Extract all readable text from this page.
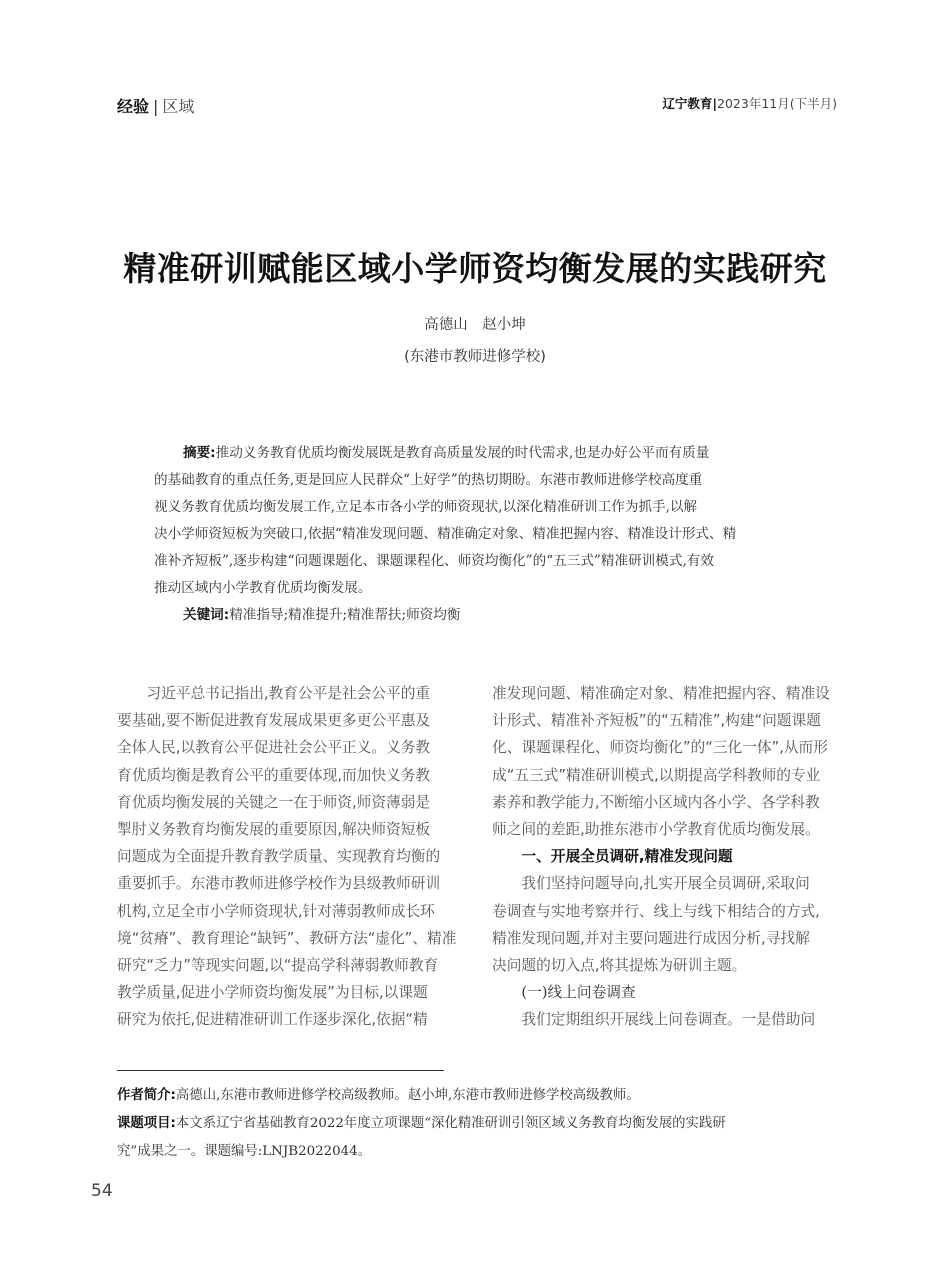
经验 | 区域	辽宁教育|2023年11月(下半月)
精准研训赋能区域小学师资均衡发展的实践研究
高德山　赵小坤
(东港市教师进修学校)
摘要:推动义务教育优质均衡发展既是教育高质量发展的时代需求,也是办好公平而有质量
的基础教育的重点任务,更是回应人民群众“上好学”的热切期盼。东港市教师进修学校高度重
视义务教育优质均衡发展工作,立足本市各小学的师资现状,以深化精准研训工作为抓手,以解
决小学师资短板为突破口,依据“精准发现问题、精准确定对象、精准把握内容、精准设计形式、精
准补齐短板”,逐步构建“问题课题化、课题课程化、师资均衡化”的“五三式”精准研训模式,有效
推动区域内小学教育优质均衡发展。
关键词:精准指导;精准提升;精准帮扶;师资均衡
　　习近平总书记指出,教育公平是社会公平的重
要基础,要不断促进教育发展成果更多更公平惠及
全体人民,以教育公平促进社会公平正义。义务教
育优质均衡是教育公平的重要体现,而加快义务教
育优质均衡发展的关键之一在于师资,师资薄弱是
掣肘义务教育均衡发展的重要原因,解决师资短板
问题成为全面提升教育教学质量、实现教育均衡的
重要抓手。东港市教师进修学校作为县级教师研训
机构,立足全市小学师资现状,针对薄弱教师成长环
境“贫瘠”、教育理论“缺钙”、教研方法“虚化”、精准
研究“乏力”等现实问题,以“提高学科薄弱教师教育
教学质量,促进小学师资均衡发展”为目标,以课题
研究为依托,促进精准研训工作逐步深化,依据“精
准发现问题、精准确定对象、精准把握内容、精准设
计形式、精准补齐短板”的“五精准”,构建“问题课题
化、课题课程化、师资均衡化”的“三化一体”,从而形
成“五三式”精准研训模式,以期提高学科教师的专业
素养和教学能力,不断缩小区域内各小学、各学科教
师之间的差距,助推东港市小学教育优质均衡发展。
　　一、开展全员调研,精准发现问题
　　我们坚持问题导向,扎实开展全员调研,采取问
卷调查与实地考察并行、线上与线下相结合的方式,
精准发现问题,并对主要问题进行成因分析,寻找解
决问题的切入点,将其提炼为研训主题。
　　(一)线上问卷调查
　　我们定期组织开展线上问卷调查。一是借助问
作者简介:高德山,东港市教师进修学校高级教师。赵小坤,东港市教师进修学校高级教师。
课题项目:本文系辽宁省基础教育2022年度立项课题“深化精准研训引领区域义务教育均衡发展的实践研
究”成果之一。课题编号:LNJB2022044。
54
